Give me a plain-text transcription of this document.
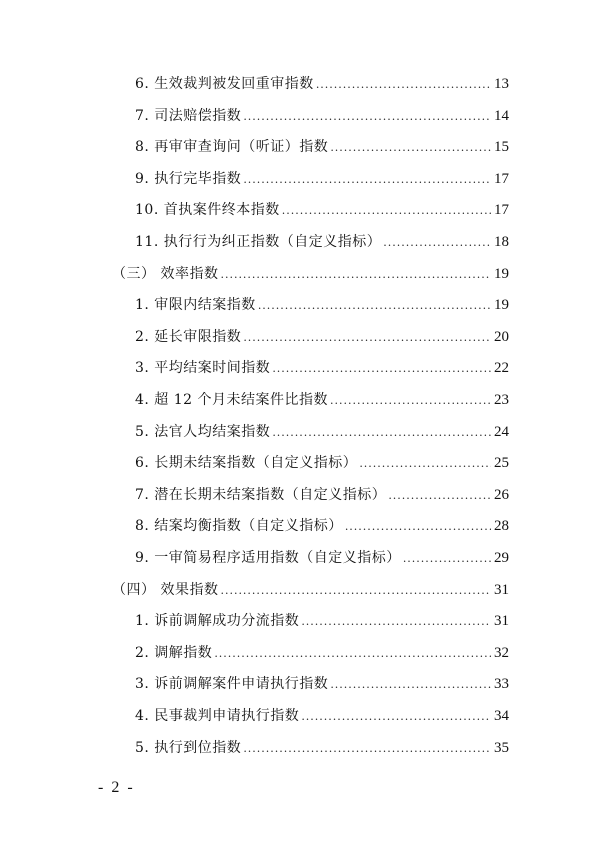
6. 生效裁判被发回重审指数 .....	13
7. 司法赔偿指数 .....	14
8. 再审审查询问（听证）指数 .....	15
9. 执行完毕指数 .....	17
10. 首执案件终本指数 .....	17
11. 执行行为纠正指数（自定义指标） .....	18
（三） 效率指数 .....	19
1. 审限内结案指数 .....	19
2. 延长审限指数 .....	20
3. 平均结案时间指数 .....	22
4. 超 12 个月未结案件比指数 .....	23
5. 法官人均结案指数 .....	24
6. 长期未结案指数（自定义指标） .....	25
7. 潜在长期未结案指数（自定义指标） .....	26
8. 结案均衡指数（自定义指标） .....	28
9. 一审简易程序适用指数（自定义指标） .....	29
（四） 效果指数 .....	31
1. 诉前调解成功分流指数 .....	31
2. 调解指数 .....	32
3. 诉前调解案件申请执行指数 .....	33
4. 民事裁判申请执行指数 .....	34
5. 执行到位指数 .....	35
- 2 -
